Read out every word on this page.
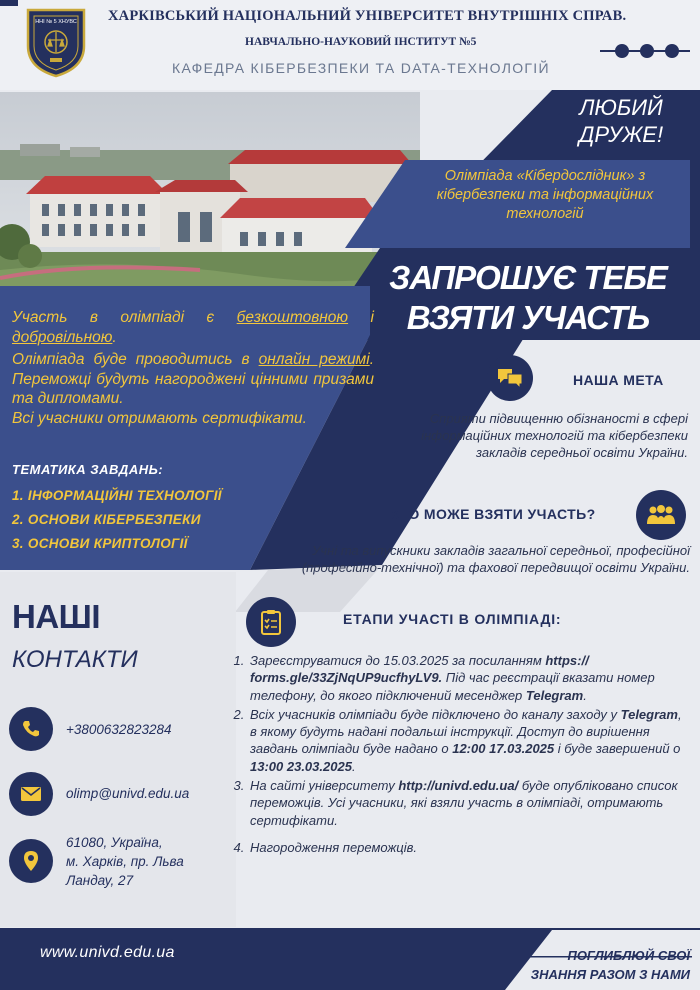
ННІ № 5 ХНУВС ХАРКІВСЬКИЙ НАЦІОНАЛЬНИЙ УНІВЕРСИТЕТ ВНУТРІШНІХ СПРАВ.
НАВЧАЛЬНО-НАУКОВИЙ ІНСТИТУТ №5
КАФЕДРА КІБЕРБЕЗПЕКИ ТА DATA-ТЕХНОЛОГІЙ
ЛЮБИЙ ДРУЖЕ!
Олімпіада «Кібердослідник» з кібербезпеки та інформаційних технологій
ЗАПРОШУЄ ТЕБЕ ВЗЯТИ УЧАСТЬ
Участь в олімпіаді є безкоштовною і добровільною.
Олімпіада буде проводитись в онлайн режимі. Переможці будуть нагороджені цінними призами та дипломами.
Всі учасники отримають сертифікати.
ТЕМАТИКА ЗАВДАНЬ:
1. ІНФОРМАЦІЙНІ ТЕХНОЛОГІЇ
2. ОСНОВИ КІБЕРБЕЗПЕКИ
3. ОСНОВИ КРИПТОЛОГІЇ
НАША МЕТА
Сприяти підвищенню обізнаності в сфері інформаційних технологій та кібербезпеки закладів середньої освіти України.
ХТО МОЖЕ ВЗЯТИ УЧАСТЬ?
Учні та випускники закладів загальної середньої, професійної (професійно-технічної) та фахової передвищої освіти України.
НАШІ
КОНТАКТИ
+3800632823284
olimp@univd.edu.ua
61080, Україна,
м. Харків, пр. Льва
Ландау, 27
ЕТАПИ УЧАСТІ В ОЛІМПІАДІ:
1. Зареєструватися до 15.03.2025 за посиланням https:// forms.gle/33ZjNqUP9ucfhyLV9. Під час реєстрації вказати номер телефону, до якого підключений месенджер Telegram.
2. Всіх учасників олімпіади буде підключено до каналу заходу у Telegram, в якому будуть надані подальші інструкції. Доступ до вирішення завдань олімпіади буде надано о 12:00 17.03.2025 і буде завершений о 13:00 23.03.2025.
3. На сайті університету http://univd.edu.ua/ буде опубліковано список переможців. Усі учасники, які взяли участь в олімпіаді, отримають сертифікати.
4. Нагородження переможців.
www.univd.edu.ua	ПОГЛИБЛЮЙ СВОЇ
ЗНАННЯ РАЗОМ З НАМИ
